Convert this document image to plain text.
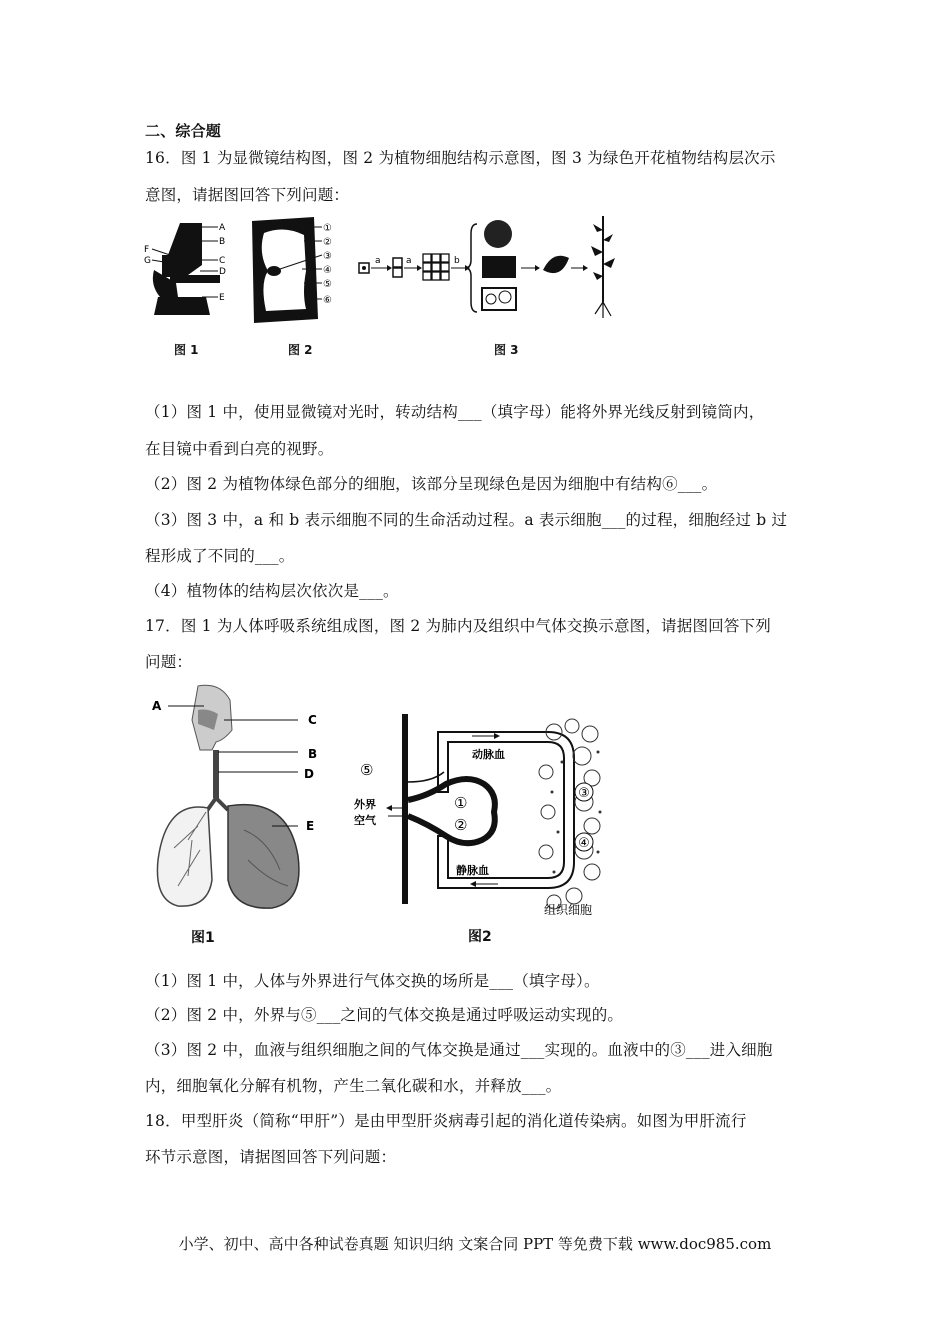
二、综合题
16．图 1 为显微镜结构图，图 2 为植物细胞结构示意图，图 3 为绿色开花植物结构层次示
意图，请据图回答下列问题：
A
B
C
D
E
F
G
图 1
①
②
③
④
⑤
⑥
图 2
a	a	b
图 3
（1）图 1 中，使用显微镜对光时，转动结构___（填字母）能将外界光线反射到镜筒内，
在目镜中看到白亮的视野。
（2）图 2 为植物体绿色部分的细胞，该部分呈现绿色是因为细胞中有结构⑥___。
（3）图 3 中，a 和 b 表示细胞不同的生命活动过程。a 表示细胞___的过程，细胞经过 b 过
程形成了不同的___。
（4）植物体的结构层次依次是___。
17．图 1 为人体呼吸系统组成图，图 2 为肺内及组织中气体交换示意图，请据图回答下列
问题：
A
C
B
D
E
图1
③
④
⑤
①
②
动脉血
静脉血
外界
空气
组织细胞
图2
（1）图 1 中，人体与外界进行气体交换的场所是___（填字母）。
（2）图 2 中，外界与⑤___之间的气体交换是通过呼吸运动实现的。
（3）图 2 中，血液与组织细胞之间的气体交换是通过___实现的。血液中的③___进入细胞
内，细胞氧化分解有机物，产生二氧化碳和水，并释放___。
18．甲型肝炎（简称“甲肝”）是由甲型肝炎病毒引起的消化道传染病。如图为甲肝流行
环节示意图，请据图回答下列问题：
小学、初中、高中各种试卷真题 知识归纳 文案合同 PPT 等免费下载 www.doc985.com
